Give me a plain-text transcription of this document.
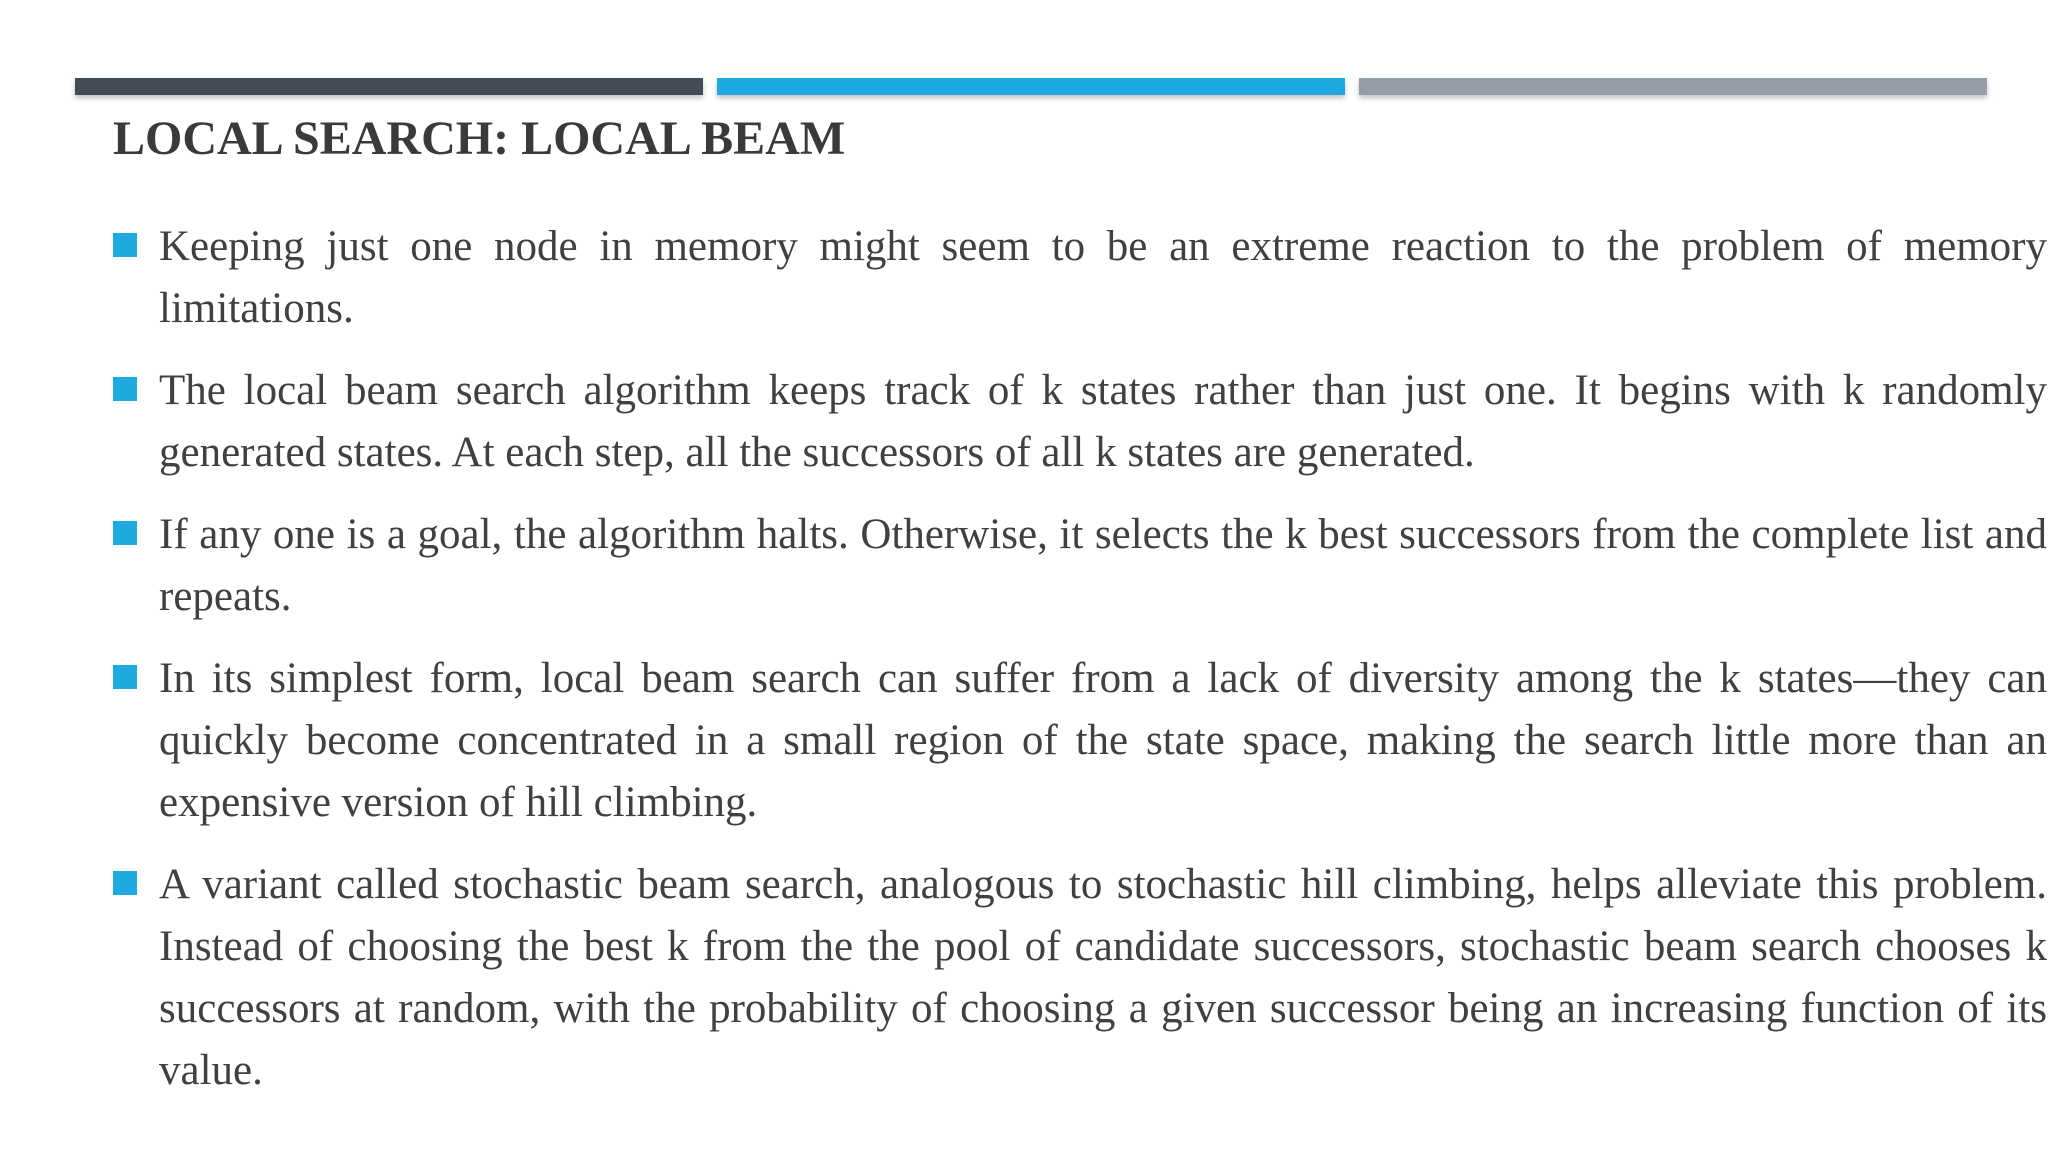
LOCAL SEARCH: LOCAL BEAM
Keeping just one node in memory might seem to be an extreme reaction to the problem of memory limitations.
The local beam search algorithm keeps track of k states rather than just one. It begins with k randomly generated states. At each step, all the successors of all k states are generated.
If any one is a goal, the algorithm halts. Otherwise, it selects the k best successors from the complete list and repeats.
In its simplest form, local beam search can suffer from a lack of diversity among the k states—they can quickly become concentrated in a small region of the state space, making the search little more than an expensive version of hill climbing.
A variant called stochastic beam search, analogous to stochastic hill climbing, helps alleviate this problem. Instead of choosing the best k from the the pool of candidate successors, stochastic beam search chooses k successors at random, with the probability of choosing a given successor being an increasing function of its value.
